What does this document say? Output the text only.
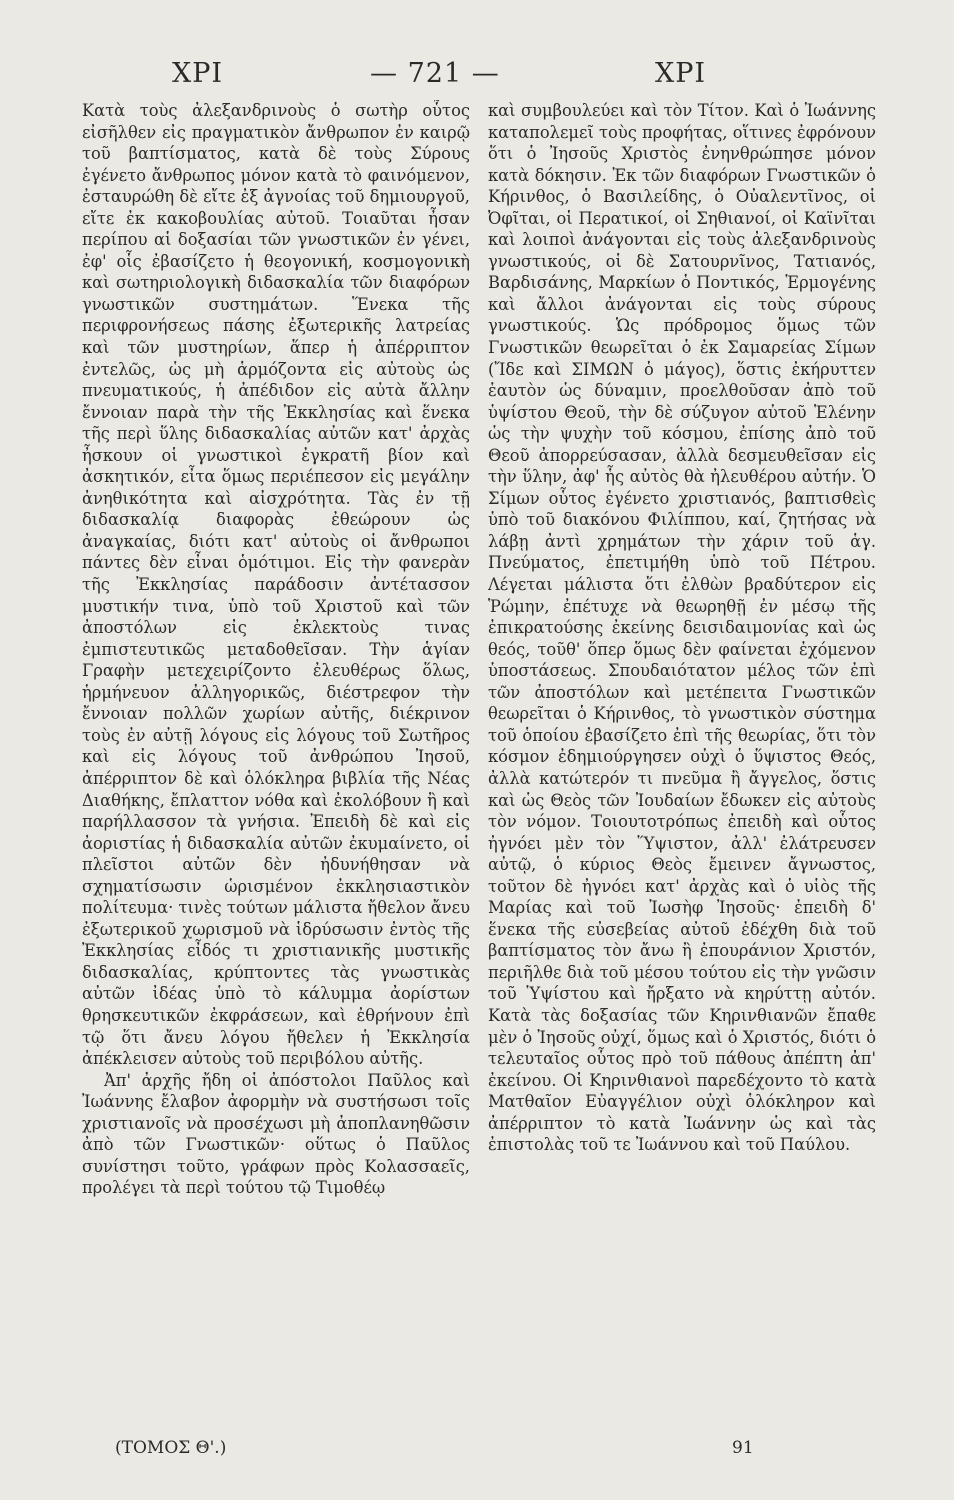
ΧΡΙ	— 721 —	ΧΡΙ

Κατὰ τοὺς ἀλεξανδρινοὺς ὁ σωτὴρ οὗτος εἰσῆλθεν εἰς πραγματικὸν ἄνθρωπον ἐν καιρῷ τοῦ βαπτίσματος, κατὰ δὲ τοὺς Σύρους ἐγένετο ἄνθρωπος μόνον κατὰ τὸ φαινόμενον, ἐσταυρώθη δὲ εἴτε ἐξ ἀγνοίας τοῦ δημιουργοῦ, εἴτε ἐκ κακοβουλίας αὐτοῦ. Τοιαῦται ἦσαν περίπου αἱ δοξασίαι τῶν γνωστικῶν ἐν γένει, ἐφ' οἷς ἐβασίζετο ἡ θεογονική, κοσμογονικὴ καὶ σωτηριολογικὴ διδασκαλία τῶν διαφόρων γνωστικῶν συστημάτων. Ἕνεκα τῆς περιφρονήσεως πάσης ἐξωτερικῆς λατρείας καὶ τῶν μυστηρίων, ἅπερ ἡ ἀπέρριπτον ἐντελῶς, ὡς μὴ ἁρμόζοντα εἰς αὐτοὺς ὡς πνευματικούς, ἡ ἀπέδιδον εἰς αὐτὰ ἄλλην ἔννοιαν παρὰ τὴν τῆς Ἐκκλησίας καὶ ἕνεκα τῆς περὶ ὕλης διδασκαλίας αὐτῶν κατ' ἀρχὰς ἦσκουν οἱ γνωστικοὶ ἐγκρατῆ βίον καὶ ἀσκητικόν, εἶτα ὅμως περιέπεσον εἰς μεγάλην ἀνηθικότητα καὶ αἰσχρότητα. Τὰς ἐν τῇ διδασκαλίᾳ διαφορὰς ἐθεώρουν ὡς ἀναγκαίας, διότι κατ' αὐτοὺς οἱ ἄνθρωποι πάντες δὲν εἶναι ὁμότιμοι. Εἰς τὴν φανερὰν τῆς Ἐκκλησίας παράδοσιν ἀντέτασσον μυστικήν τινα, ὑπὸ τοῦ Χριστοῦ καὶ τῶν ἀποστόλων εἰς ἐκλεκτοὺς τινας ἐμπιστευτικῶς μεταδοθεῖσαν. Τὴν ἁγίαν Γραφὴν μετεχειρίζοντο ἐλευθέρως ὅλως, ἡρμήνευον ἀλληγορικῶς, διέστρεφον τὴν ἔννοιαν πολλῶν χωρίων αὐτῆς, διέκρινον τοὺς ἐν αὐτῇ λόγους εἰς λόγους τοῦ Σωτῆρος καὶ εἰς λόγους τοῦ ἀνθρώπου Ἰησοῦ, ἀπέρριπτον δὲ καὶ ὁλόκληρα βιβλία τῆς Νέας Διαθήκης, ἔπλαττον νόθα καὶ ἐκολόβουν ἢ καὶ παρήλλασσον τὰ γνήσια. Ἐπειδὴ δὲ καὶ εἰς ἀοριστίας ἡ διδασκαλία αὐτῶν ἐκυμαίνετο, οἱ πλεῖστοι αὐτῶν δὲν ἠδυνήθησαν νὰ σχηματίσωσιν ὡρισμένον ἐκκλησιαστικὸν πολίτευμα· τινὲς τούτων μάλιστα ἤθελον ἄνευ ἐξωτερικοῦ χωρισμοῦ νὰ ἱδρύσωσιν ἐντὸς τῆς Ἐκκλησίας εἶδός τι χριστιανικῆς μυστικῆς διδασκαλίας, κρύπτοντες τὰς γνωστικὰς αὐτῶν ἰδέας ὑπὸ τὸ κάλυμμα ἀορίστων θρησκευτικῶν ἐκφράσεων, καὶ ἐθρήνουν ἐπὶ τῷ ὅτι ἄνευ λόγου ἤθελεν ἡ Ἐκκλησία ἀπέκλεισεν αὐτοὺς τοῦ περιβόλου αὐτῆς.

Ἀπ' ἀρχῆς ἤδη οἱ ἀπόστολοι Παῦλος καὶ Ἰωάννης ἔλαβον ἀφορμὴν νὰ συστήσωσι τοῖς χριστιανοῖς νὰ προσέχωσι μὴ ἀποπλανηθῶσιν ἀπὸ τῶν Γνωστικῶν· οὕτως ὁ Παῦλος συνίστησι τοῦτο, γράφων πρὸς Κολασσαεῖς, προλέγει τὰ περὶ τούτου τῷ Τιμοθέῳ

καὶ συμβουλεύει καὶ τὸν Τίτον. Καὶ ὁ Ἰωάννης καταπολεμεῖ τοὺς προφήτας, οἵτινες ἐφρόνουν ὅτι ὁ Ἰησοῦς Χριστὸς ἐνηνθρώπησε μόνον κατὰ δόκησιν. Ἐκ τῶν διαφόρων Γνωστικῶν ὁ Κήρινθος, ὁ Βασιλείδης, ὁ Οὐαλεντῖνος, οἱ Ὀφῖται, οἱ Περατικοί, οἱ Σηθιανοί, οἱ Καϊνῖται καὶ λοιποὶ ἀνάγονται εἰς τοὺς ἀλεξανδρινοὺς γνωστικούς, οἱ δὲ Σατουρνῖνος, Τατιανός, Βαρδισάνης, Μαρκίων ὁ Ποντικός, Ἑρμογένης καὶ ἄλλοι ἀνάγονται εἰς τοὺς σύρους γνωστικούς. Ὡς πρόδρομος ὅμως τῶν Γνωστικῶν θεωρεῖται ὁ ἐκ Σαμαρείας Σίμων (Ἴδε καὶ ΣΙΜΩΝ ὁ μάγος), ὅστις ἐκήρυττεν ἑαυτὸν ὡς δύναμιν, προελθοῦσαν ἀπὸ τοῦ ὑψίστου Θεοῦ, τὴν δὲ σύζυγον αὐτοῦ Ἑλένην ὡς τὴν ψυχὴν τοῦ κόσμου, ἐπίσης ἀπὸ τοῦ Θεοῦ ἀπορρεύσασαν, ἀλλὰ δεσμευθεῖσαν εἰς τὴν ὕλην, ἀφ' ἧς αὐτὸς θὰ ἠλευθέρου αὐτήν. Ὁ Σίμων οὗτος ἐγένετο χριστιανός, βαπτισθεὶς ὑπὸ τοῦ διακόνου Φιλίππου, καί, ζητήσας νὰ λάβῃ ἀντὶ χρημάτων τὴν χάριν τοῦ ἁγ. Πνεύματος, ἐπετιμήθη ὑπὸ τοῦ Πέτρου. Λέγεται μάλιστα ὅτι ἐλθὼν βραδύτερον εἰς Ῥώμην, ἐπέτυχε νὰ θεωρηθῇ ἐν μέσῳ τῆς ἐπικρατούσης ἐκείνης δεισιδαιμονίας καὶ ὡς θεός, τοῦθ' ὅπερ ὅμως δὲν φαίνεται ἐχόμενον ὑποστάσεως. Σπουδαιότατον μέλος τῶν ἐπὶ τῶν ἀποστόλων καὶ μετέπειτα Γνωστικῶν θεωρεῖται ὁ Κήρινθος, τὸ γνωστικὸν σύστημα τοῦ ὁποίου ἐβασίζετο ἐπὶ τῆς θεωρίας, ὅτι τὸν κόσμον ἐδημιούργησεν οὐχὶ ὁ ὕψιστος Θεός, ἀλλὰ κατώτερόν τι πνεῦμα ἢ ἄγγελος, ὅστις καὶ ὡς Θεὸς τῶν Ἰουδαίων ἔδωκεν εἰς αὐτοὺς τὸν νόμον. Τοιουτοτρόπως ἐπειδὴ καὶ οὗτος ἠγνόει μὲν τὸν Ὕψιστον, ἀλλ' ἐλάτρευσεν αὐτῷ, ὁ κύριος Θεὸς ἔμεινεν ἄγνωστος, τοῦτον δὲ ἠγνόει κατ' ἀρχὰς καὶ ὁ υἱὸς τῆς Μαρίας καὶ τοῦ Ἰωσὴφ Ἰησοῦς· ἐπειδὴ δ' ἕνεκα τῆς εὐσεβείας αὐτοῦ ἐδέχθη διὰ τοῦ βαπτίσματος τὸν ἄνω ἢ ἐπουράνιον Χριστόν, περιῆλθε διὰ τοῦ μέσου τούτου εἰς τὴν γνῶσιν τοῦ Ὑψίστου καὶ ἤρξατο νὰ κηρύττῃ αὐτόν. Κατὰ τὰς δοξασίας τῶν Κηρινθιανῶν ἔπαθε μὲν ὁ Ἰησοῦς οὐχί, ὅμως καὶ ὁ Χριστός, διότι ὁ τελευταῖος οὗτος πρὸ τοῦ πάθους ἀπέπτη ἀπ' ἐκείνου. Οἱ Κηρινθιανοὶ παρεδέχοντο τὸ κατὰ Ματθαῖον Εὐαγγέλιον οὐχὶ ὁλόκληρον καὶ ἀπέρριπτον τὸ κατὰ Ἰωάννην ὡς καὶ τὰς ἐπιστολὰς τοῦ τε Ἰωάννου καὶ τοῦ Παύλου.

(ΤΟΜΟΣ Θ'.)	91
